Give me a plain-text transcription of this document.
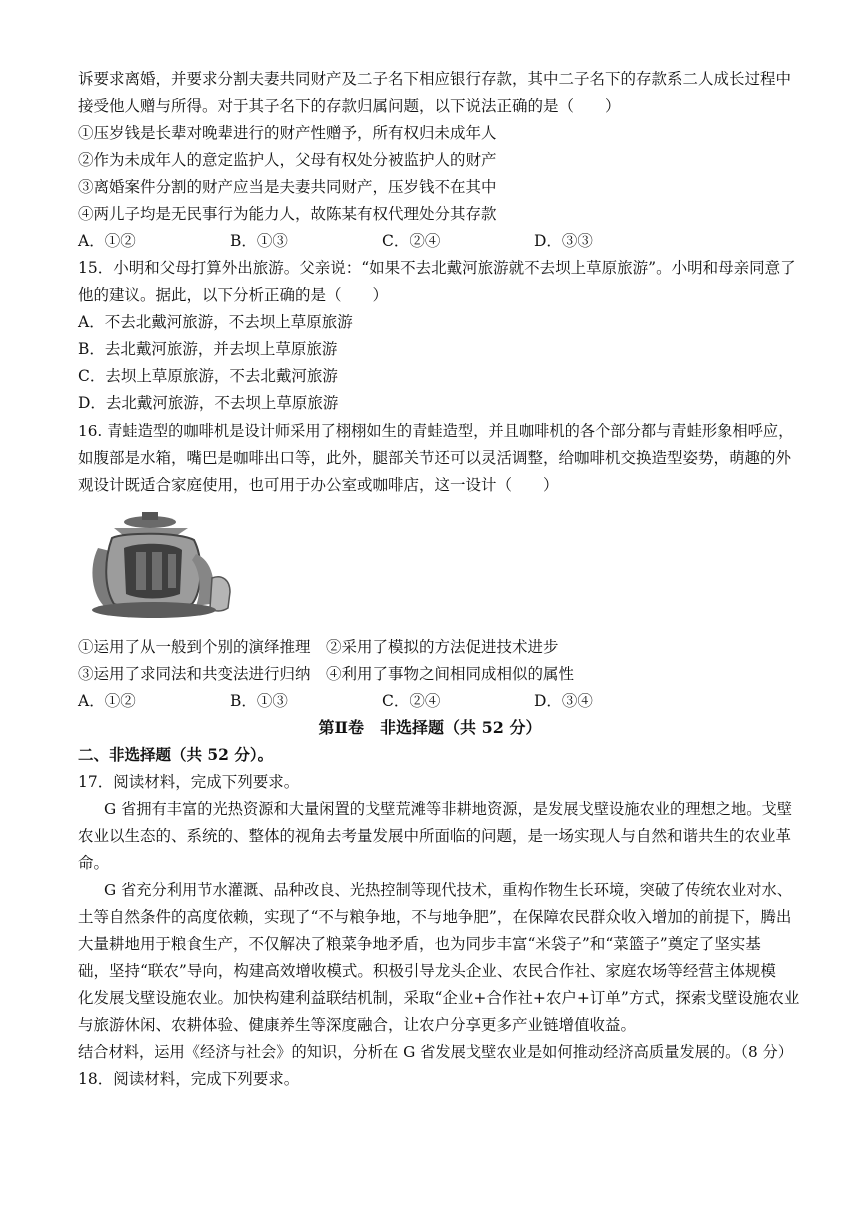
诉要求离婚，并要求分割夫妻共同财产及二子名下相应银行存款，其中二子名下的存款系二人成长过程中
接受他人赠与所得。对于其子名下的存款归属问题，以下说法正确的是（　　）
①压岁钱是长辈对晚辈进行的财产性赠予，所有权归未成年人
②作为未成年人的意定监护人，父母有权处分被监护人的财产
③离婚案件分割的财产应当是夫妻共同财产，压岁钱不在其中
④两儿子均是无民事行为能力人，故陈某有权代理处分其存款
A．①②	B．①③	C．②④	D．③③
15．小明和父母打算外出旅游。父亲说：“如果不去北戴河旅游就不去坝上草原旅游”。小明和母亲同意了
他的建议。据此，以下分析正确的是（　　）
A．不去北戴河旅游，不去坝上草原旅游
B．去北戴河旅游，并去坝上草原旅游
C．去坝上草原旅游，不去北戴河旅游
D．去北戴河旅游，不去坝上草原旅游
16. 青蛙造型的咖啡机是设计师采用了栩栩如生的青蛙造型，并且咖啡机的各个部分都与青蛙形象相呼应，
如腹部是水箱，嘴巴是咖啡出口等，此外，腿部关节还可以灵活调整，给咖啡机交换造型姿势，萌趣的外
观设计既适合家庭使用，也可用于办公室或咖啡店，这一设计（　　）
①运用了从一般到个别的演绎推理　②采用了模拟的方法促进技术进步
③运用了求同法和共变法进行归纳　④利用了事物之间相同成相似的属性
A．①②	B．①③	C．②④	D．③④
第Ⅱ卷　非选择题（共 52 分）
二、非选择题（共 52 分）。
17．阅读材料，完成下列要求。
G 省拥有丰富的光热资源和大量闲置的戈壁荒滩等非耕地资源，是发展戈壁设施农业的理想之地。戈壁
农业以生态的、系统的、整体的视角去考量发展中所面临的问题，是一场实现人与自然和谐共生的农业革
命。
G 省充分利用节水灌溉、品种改良、光热控制等现代技术，重构作物生长环境，突破了传统农业对水、
土等自然条件的高度依赖，实现了“不与粮争地，不与地争肥”，在保障农民群众收入增加的前提下，腾出
大量耕地用于粮食生产，不仅解决了粮菜争地矛盾，也为同步丰富“米袋子”和“菜篮子”奠定了坚实基
础，坚持“联农”导向，构建高效增收模式。积极引导龙头企业、农民合作社、家庭农场等经营主体规模
化发展戈壁设施农业。加快构建利益联结机制，采取“企业+合作社+农户+订单”方式，探索戈壁设施农业
与旅游休闲、农耕体验、健康养生等深度融合，让农户分享更多产业链增值收益。
结合材料，运用《经济与社会》的知识，分析在 G 省发展戈壁农业是如何推动经济高质量发展的。（8 分）
18．阅读材料，完成下列要求。
